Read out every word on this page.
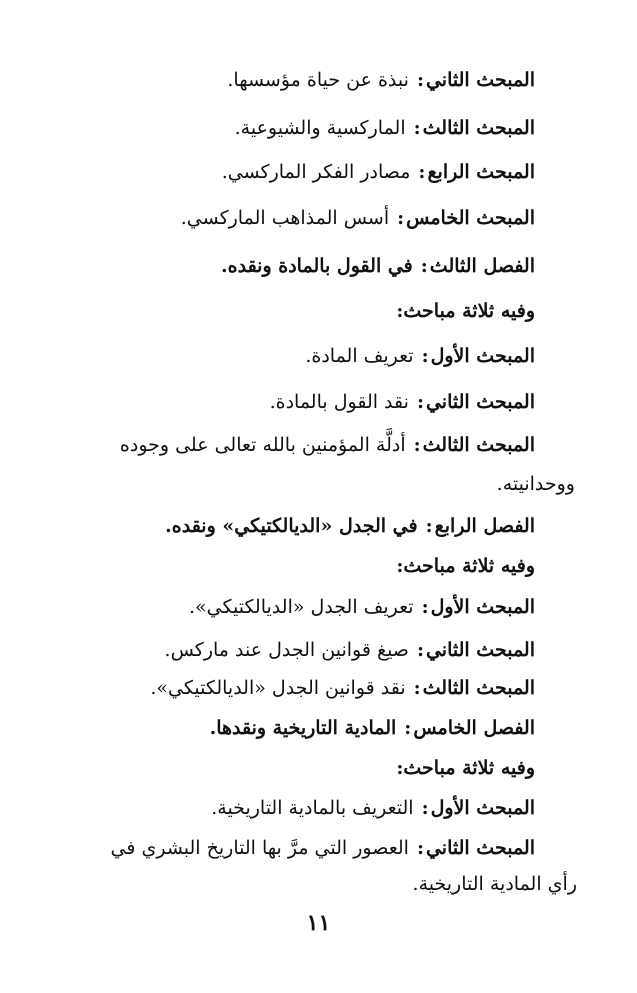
المبحث الثاني:نبذة عن حياة مؤسسها.
المبحث الثالث:الماركسية والشيوعية.
المبحث الرابع:مصادر الفكر الماركسي.
المبحث الخامس:أسس المذاهب الماركسي.
الفصل الثالث:في القول بالمادة ونقده.
وفيه ثلاثة مباحث:
المبحث الأول:تعريف المادة.
المبحث الثاني:نقد القول بالمادة.
المبحث الثالث:أدلَّة المؤمنين بالله تعالى على وجوده
ووحدانيته.
الفصل الرابع:في الجدل «الديالكتيكي» ونقده.
وفيه ثلاثة مباحث:
المبحث الأول:تعريف الجدل «الديالكتيكي».
المبحث الثاني:صيغ قوانين الجدل عند ماركس.
المبحث الثالث:نقد قوانين الجدل «الديالكتيكي».
الفصل الخامس:المادية التاريخية ونقدها.
وفيه ثلاثة مباحث:
المبحث الأول:التعريف بالمادية التاريخية.
المبحث الثاني:العصور التي مرَّ بها التاريخ البشري في
رأي المادية التاريخية.
١١
